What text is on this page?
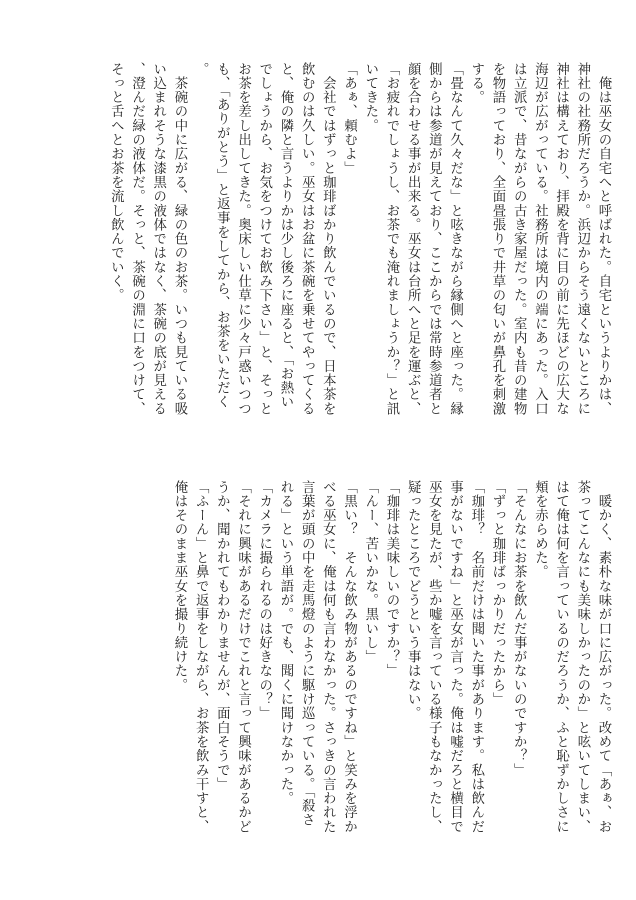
　俺は巫女の自宅へと呼ばれた。自宅というよりかは、神社の社務所だろうか。浜辺からそう遠くないところに神社は構えており、拝殿を背に目の前に先ほどの広大な海辺が広がっている。社務所は境内の端にあった。入口は立派で、昔ながらの古き家屋だった。室内も昔の建物を物語っており、全面畳張りで井草の匂いが鼻孔を刺激する。

「畳なんて久々だな」と呟きながら縁側へと座った。縁側からは参道が見えており、ここからでは常時参道者と顔を合わせる事が出来る。巫女は台所へと足を運ぶと、「お疲れでしょうし、お茶でも淹れましょうか？」と訊いてきた。

「あぁ、頼むよ」

　会社ではずっと珈琲ばかり飲んでいるので、日本茶を飲むのは久しい。巫女はお盆に茶碗を乗せてやってくると、俺の隣と言うよりかは少し後ろに座ると、「お熱いでしょうから、お気をつけてお飲み下さい」と、そっとお茶を差し出してきた。奥床しい仕草に少々戸惑いつつも、「ありがとう」と返事をしてから、お茶をいただく。

　茶碗の中に広がる、緑の色のお茶。いつも見ている吸い込まれそうな漆黒の液体ではなく、茶碗の底が見える、澄んだ緑の液体だ。そっと、茶碗の淵に口をつけて、そっと舌へとお茶を流し飲んでいく。

　暖かく、素朴な味が口に広がった。改めて「あぁ、お茶ってこんなにも美味しかったのか」と呟いてしまい、はて俺は何を言っているのだろうか、ふと恥ずかしさに頬を赤らめた。

「そんなにお茶を飲んだ事がないのですか？」

「ずっと珈琲ばっかりだったから」

「珈琲？　名前だけは聞いた事があります。私は飲んだ事がないですね」と巫女が言った。俺は嘘だろと横目で巫女を見たが、些か嘘を言っている様子もなかったし、疑ったところでどうという事はない。

「珈琲は美味しいのですか？」

「んー、苦いかな。黒いし」

「黒い？　そんな飲み物があるのですね」と笑みを浮かべる巫女に、俺は何も言わなかった。さっきの言われた言葉が頭の中を走馬燈のように駆け巡っている。「殺される」という単語が。でも、聞くに聞けなかった。

「カメラに撮られるのは好きなの？」

「それに興味があるだけでこれと言って興味があるかどうか、聞かれてもわかりませんが、面白そうで」

「ふーん」と鼻で返事をしながら、お茶を飲み干すと、俺はそのまま巫女を撮り続けた。
